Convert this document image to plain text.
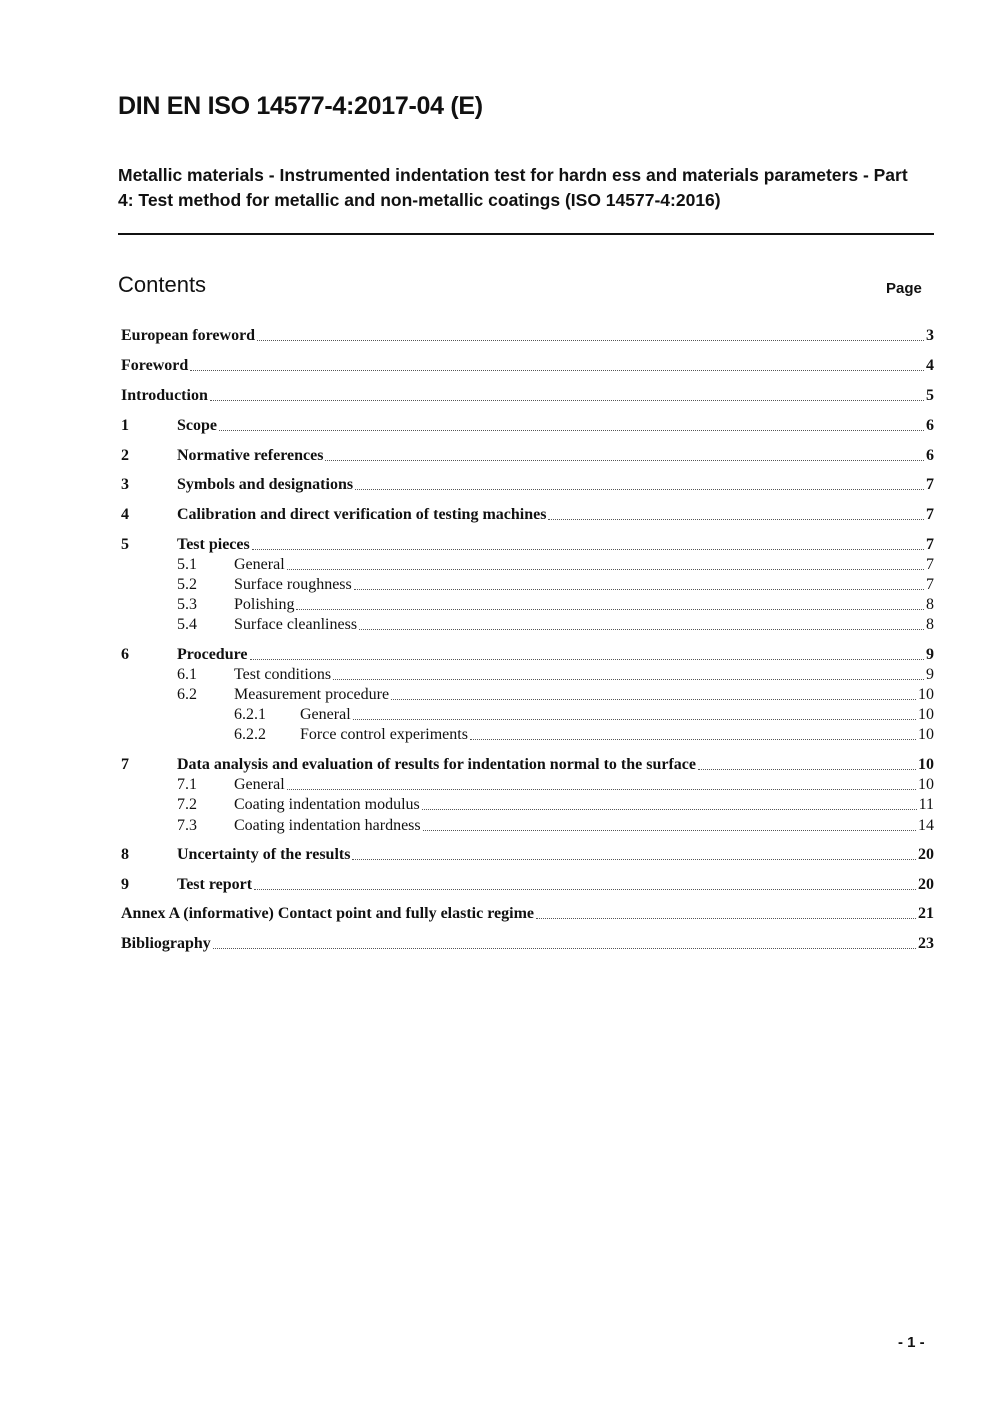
DIN EN ISO 14577-4:2017-04 (E)
Metallic materials - Instrumented indentation test for hardn ess and materials parameters - Part 4: Test method for metallic and non-metallic coatings (ISO 14577-4:2016)
Contents	Page
European foreword	3
Foreword	4
Introduction	5
1	Scope	6
2	Normative references	6
3	Symbols and designations	7
4	Calibration and direct verification of testing machines	7
5	Test pieces	7
5.1 General	7
5.2 Surface roughness	7
5.3 Polishing	8
5.4 Surface cleanliness	8
6	Procedure	9
6.1 Test conditions	9
6.2 Measurement procedure	10
6.2.1 General	10
6.2.2 Force control experiments	10
7	Data analysis and evaluation of results for indentation normal to the surface	10
7.1 General	10
7.2 Coating indentation modulus	11
7.3 Coating indentation hardness	14
8	Uncertainty of the results	20
9	Test report	20
Annex A (informative) Contact point and fully elastic regime	21
Bibliography	23
- 1 -
